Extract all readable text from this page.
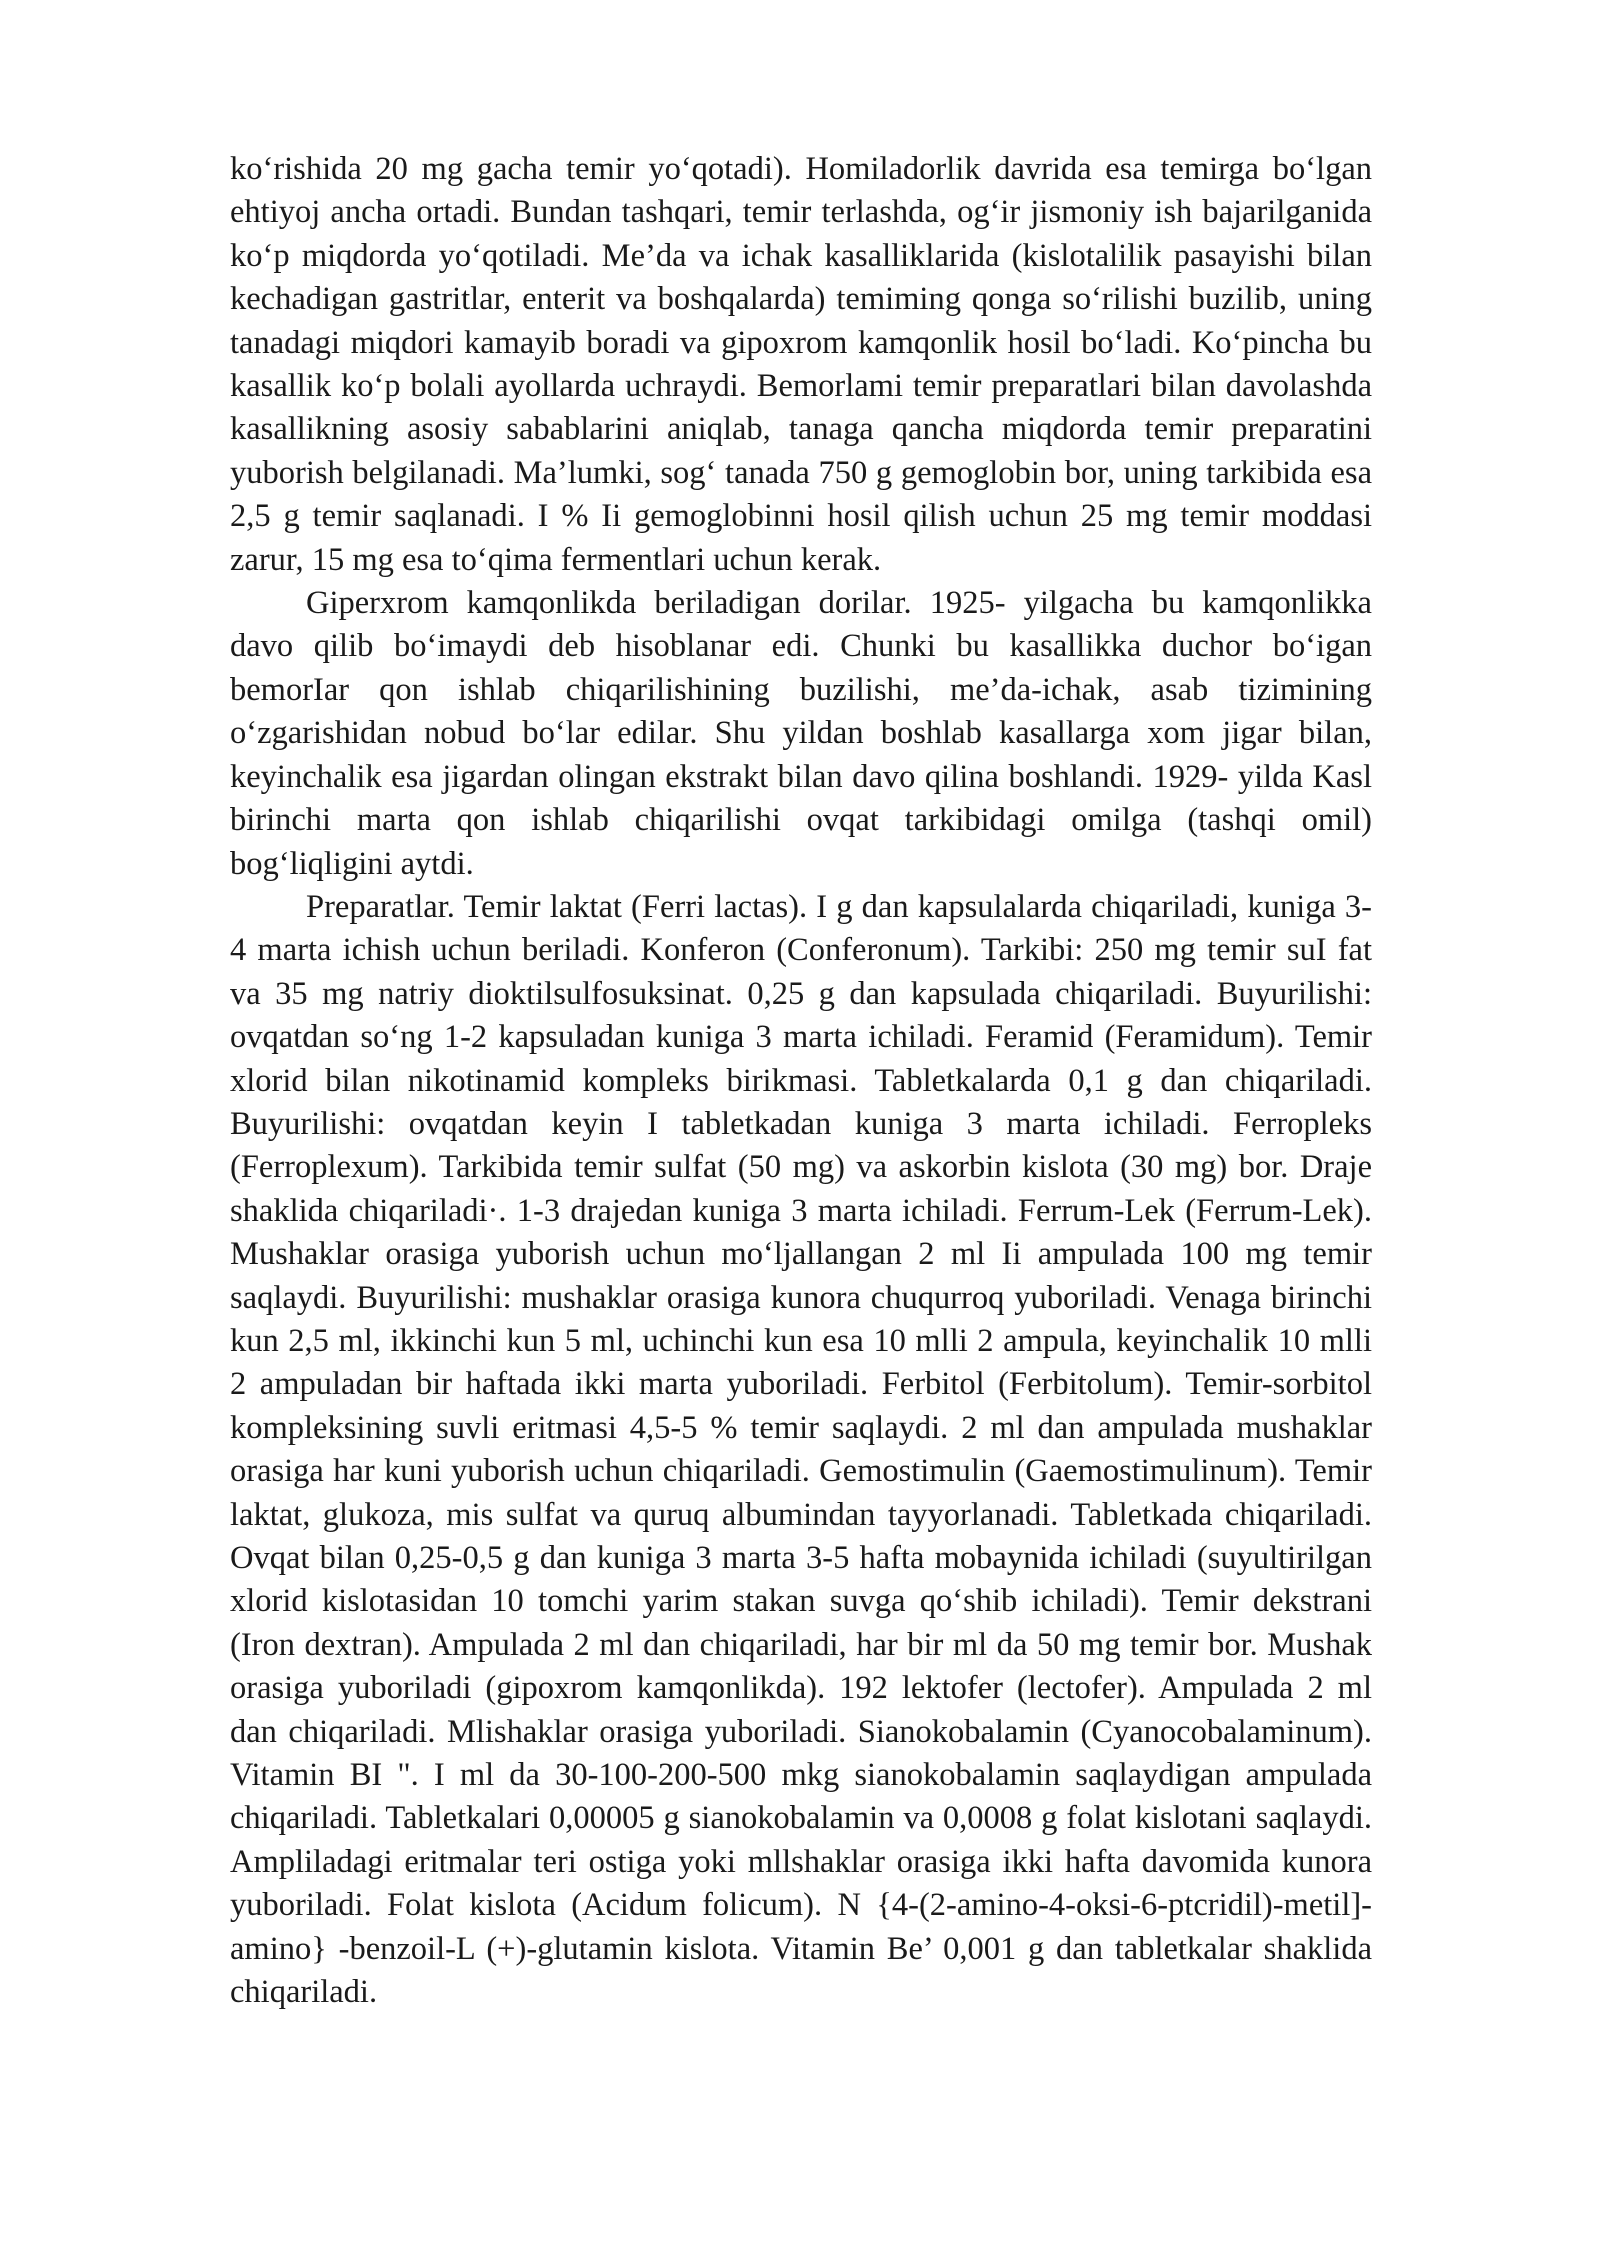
ko‘rishida 20 mg gacha temir yo‘qotadi). Homiladorlik davrida esa temirga bo‘lgan ehtiyoj ancha ortadi. Bundan tashqari, temir terlashda, og‘ir jismoniy ish bajarilganida ko‘p miqdorda yo‘qotiladi. Me’da va ichak kasalliklarida (kislotalilik pasayishi bilan kechadigan gastritlar, enterit va boshqalarda) temiming qonga so‘rilishi buzilib, uning tanadagi miqdori kamayib boradi va gipoxrom kamqonlik hosil bo‘ladi. Ko‘pincha bu kasallik ko‘p bolali ayollarda uchraydi. Bemorlami temir preparatlari bilan davolashda kasallikning asosiy sabablarini aniqlab, tanaga qancha miqdorda temir preparatini yuborish belgilanadi. Ma’lumki, sog‘ tanada 750 g gemoglobin bor, uning tarkibida esa 2,5 g temir saqlanadi. I % Ii gemoglobinni hosil qilish uchun 25 mg temir moddasi zarur, 15 mg esa to‘qima fermentlari uchun kerak.

Giperxrom kamqonlikda beriladigan dorilar. 1925- yilgacha bu kamqonlikka davo qilib bo‘imaydi deb hisoblanar edi. Chunki bu kasallikka duchor bo‘igan bemorIar qon ishlab chiqarilishining buzilishi, me’da-ichak, asab tizimining o‘zgarishidan nobud bo‘lar edilar. Shu yildan boshlab kasallarga xom jigar bilan, keyinchalik esa jigardan olingan ekstrakt bilan davo qilina boshlandi. 1929- yilda Kasl birinchi marta qon ishlab chiqarilishi ovqat tarkibidagi omilga (tashqi omil) bog‘liqligini aytdi.

Preparatlar. Temir laktat (Ferri lactas). I g dan kapsulalarda chiqariladi, kuniga 3-4 marta ichish uchun beriladi. Konferon (Conferonum). Tarkibi: 250 mg temir suI fat va 35 mg natriy dioktilsulfosuksinat. 0,25 g dan kapsulada chiqariladi. Buyurilishi: ovqatdan so‘ng 1-2 kapsuladan kuniga 3 marta ichiladi. Feramid (Feramidum). Temir xlorid bilan nikotinamid kompleks birikmasi. Tabletkalarda 0,1 g dan chiqariladi. Buyurilishi: ovqatdan keyin I tabletkadan kuniga 3 marta ichiladi. Ferropleks (Ferroplexum). Tarkibida temir sulfat (50 mg) va askorbin kislota (30 mg) bor. Draje shaklida chiqariladi·. 1-3 drajedan kuniga 3 marta ichiladi. Ferrum-Lek (Ferrum-Lek). Mushaklar orasiga yuborish uchun mo‘ljallangan 2 ml Ii ampulada 100 mg temir saqlaydi. Buyurilishi: mushaklar orasiga kunora chuqurroq yuboriladi. Venaga birinchi kun 2,5 ml, ikkinchi kun 5 ml, uchinchi kun esa 10 mlli 2 ampula, keyinchalik 10 mlli 2 ampuladan bir haftada ikki marta yuboriladi. Ferbitol (Ferbitolum). Temir-sorbitol kompleksining suvli eritmasi 4,5-5 % temir saqlaydi. 2 ml dan ampulada mushaklar orasiga har kuni yuborish uchun chiqariladi. Gemostimulin (Gaemostimulinum). Temir laktat, glukoza, mis sulfat va quruq albumindan tayyorlanadi. Tabletkada chiqariladi. Ovqat bilan 0,25-0,5 g dan kuniga 3 marta 3-5 hafta mobaynida ichiladi (suyultirilgan xlorid kislotasidan 10 tomchi yarim stakan suvga qo‘shib ichiladi). Temir dekstrani (Iron dextran). Ampulada 2 ml dan chiqariladi, har bir ml da 50 mg temir bor. Mushak orasiga yuboriladi (gipoxrom kamqonlikda). 192 lektofer (lectofer). Ampulada 2 ml dan chiqariladi. Mlishaklar orasiga yuboriladi. Sianokobalamin (Cyanocobalaminum). Vitamin BI ". I ml da 30-100-200-500 mkg sianokobalamin saqlaydigan ampulada chiqariladi. Tabletkalari 0,00005 g sianokobalamin va 0,0008 g folat kislotani saqlaydi. Ampliladagi eritmalar teri ostiga yoki mllshaklar orasiga ikki hafta davomida kunora yuboriladi. Folat kislota (Acidum folicum). N {4-(2-amino-4-oksi-6-ptcridil)-metil]-amino} -benzoil-L (+)-glutamin kislota. Vitamin Be’ 0,001 g dan tabletkalar shaklida chiqariladi.
